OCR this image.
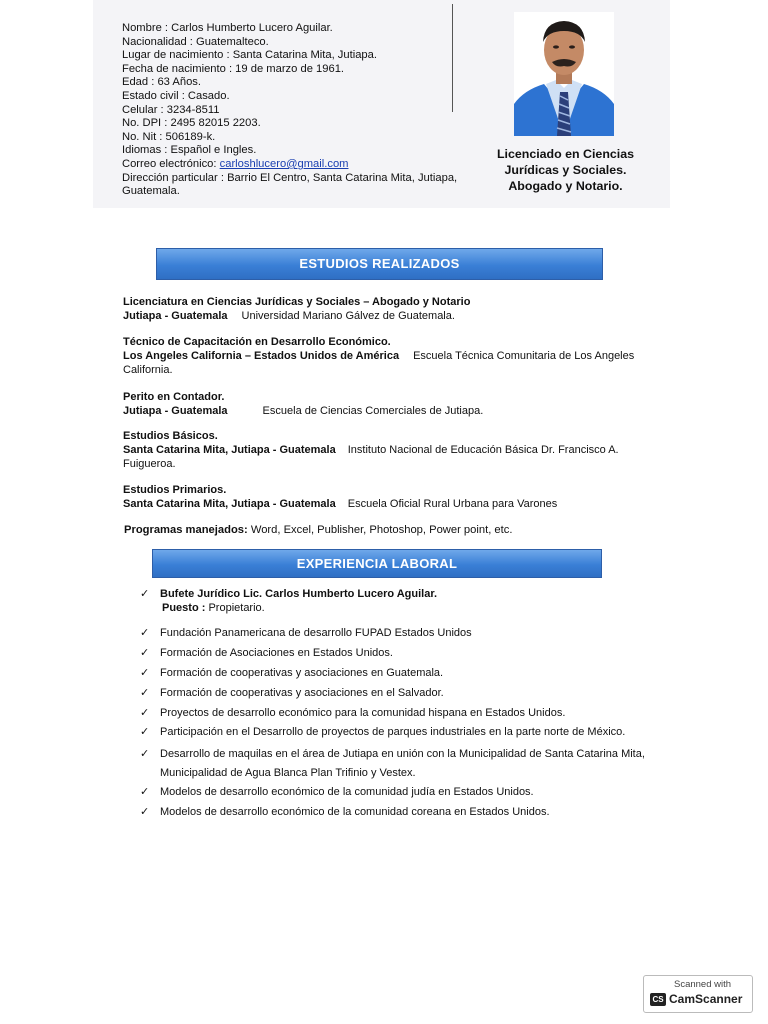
Nombre : Carlos Humberto Lucero Aguilar.
Nacionalidad : Guatemalteco.
Lugar de nacimiento : Santa Catarina Mita, Jutiapa.
Fecha de nacimiento : 19 de marzo de 1961.
Edad : 63 Años.
Estado civil : Casado.
Celular : 3234-8511
No. DPI : 2495 82015 2203.
No. Nit : 506189-k.
Idiomas : Español e Ingles.
Correo electrónico: carloshlucero@gmail.com
Dirección particular : Barrio El Centro, Santa Catarina Mita, Jutiapa, Guatemala.
Licenciado en Ciencias
Jurídicas y Sociales.
Abogado y Notario.
ESTUDIOS REALIZADOS
Licenciatura en Ciencias Jurídicas y Sociales – Abogado y Notario
Jutiapa - Guatemala Universidad Mariano Gálvez de Guatemala.
Técnico de Capacitación en Desarrollo Económico.
Los Angeles California – Estados Unidos de América Escuela Técnica Comunitaria de Los Angeles
California.
Perito en Contador.
Jutiapa - Guatemala	Escuela de Ciencias Comerciales de Jutiapa.
Estudios Básicos.
Santa Catarina Mita, Jutiapa - Guatemala Instituto Nacional de Educación Básica Dr. Francisco A.
Fuigueroa.
Estudios Primarios.
Santa Catarina Mita, Jutiapa - Guatemala Escuela Oficial Rural Urbana para Varones
Programas manejados: Word, Excel, Publisher, Photoshop, Power point, etc.
EXPERIENCIA LABORAL
✓ Bufete Jurídico Lic. Carlos Humberto Lucero Aguilar.
Puesto : Propietario.
✓ Fundación Panamericana de desarrollo FUPAD Estados Unidos
✓ Formación de Asociaciones en Estados Unidos.
✓ Formación de cooperativas y asociaciones en Guatemala.
✓ Formación de cooperativas y asociaciones en el Salvador.
✓ Proyectos de desarrollo económico para la comunidad hispana en Estados Unidos.
✓ Participación en el Desarrollo de proyectos de parques industriales en la parte norte de México.
✓ Desarrollo de maquilas en el área de Jutiapa en unión con la Municipalidad de Santa Catarina Mita,
Municipalidad de Agua Blanca Plan Trifinio y Vestex.
✓ Modelos de desarrollo económico de la comunidad judía en Estados Unidos.
✓ Modelos de desarrollo económico de la comunidad coreana en Estados Unidos.
Scanned with
CS CamScanner
